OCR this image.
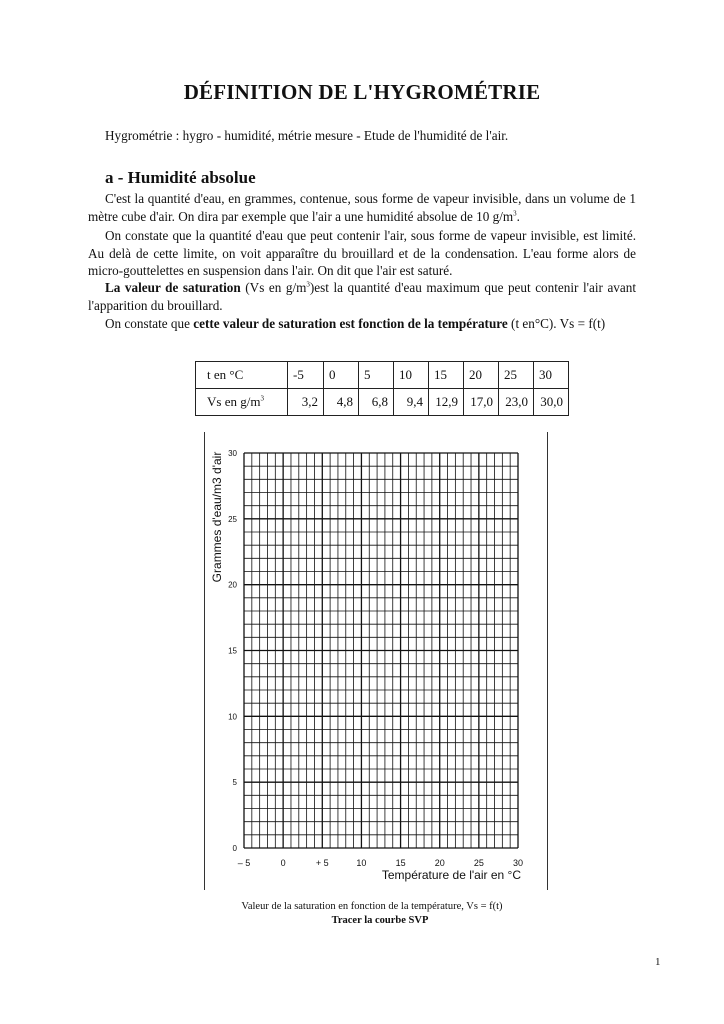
DÉFINITION DE L'HYGROMÉTRIE
Hygrométrie : hygro - humidité, métrie mesure - Etude de l'humidité de l'air.
a - Humidité absolue
C'est la quantité d'eau, en grammes, contenue, sous forme de vapeur invisible, dans un volume de 1 mètre cube d'air. On dira par exemple que l'air a une humidité absolue de 10 $g/m^3$.
On constate que la quantité d'eau que peut contenir l'air, sous forme de vapeur invisible, est limité. Au delà de cette limite, on voit apparaître du brouillard et de la condensation. L'eau forme alors de micro-gouttelettes en suspension dans l'air. On dit que l'air est saturé.
La valeur de saturation (Vs en $g/m^3)est$ la quantité d'eau maximum que peut contenir l'air avant l'apparition du brouillard.
On constate que cette valeur de saturation est fonction de la température (t en°C). Vs = f(t)
t en °C	-5	0	5	10	15	20	25	30
Vs en $g/m^3$	3,2	4,8	6,8	9,4	12,9	17,0	23,0	30,0
0
5
10
15
20
25
30
– 5	0	+ 5	10	15	20	25	30
Température de l'air en °C
Grammes d'eau/m3 d'air
Valeur de la saturation en fonction de la température, Vs = f(t)
Tracer la courbe SVP
1
